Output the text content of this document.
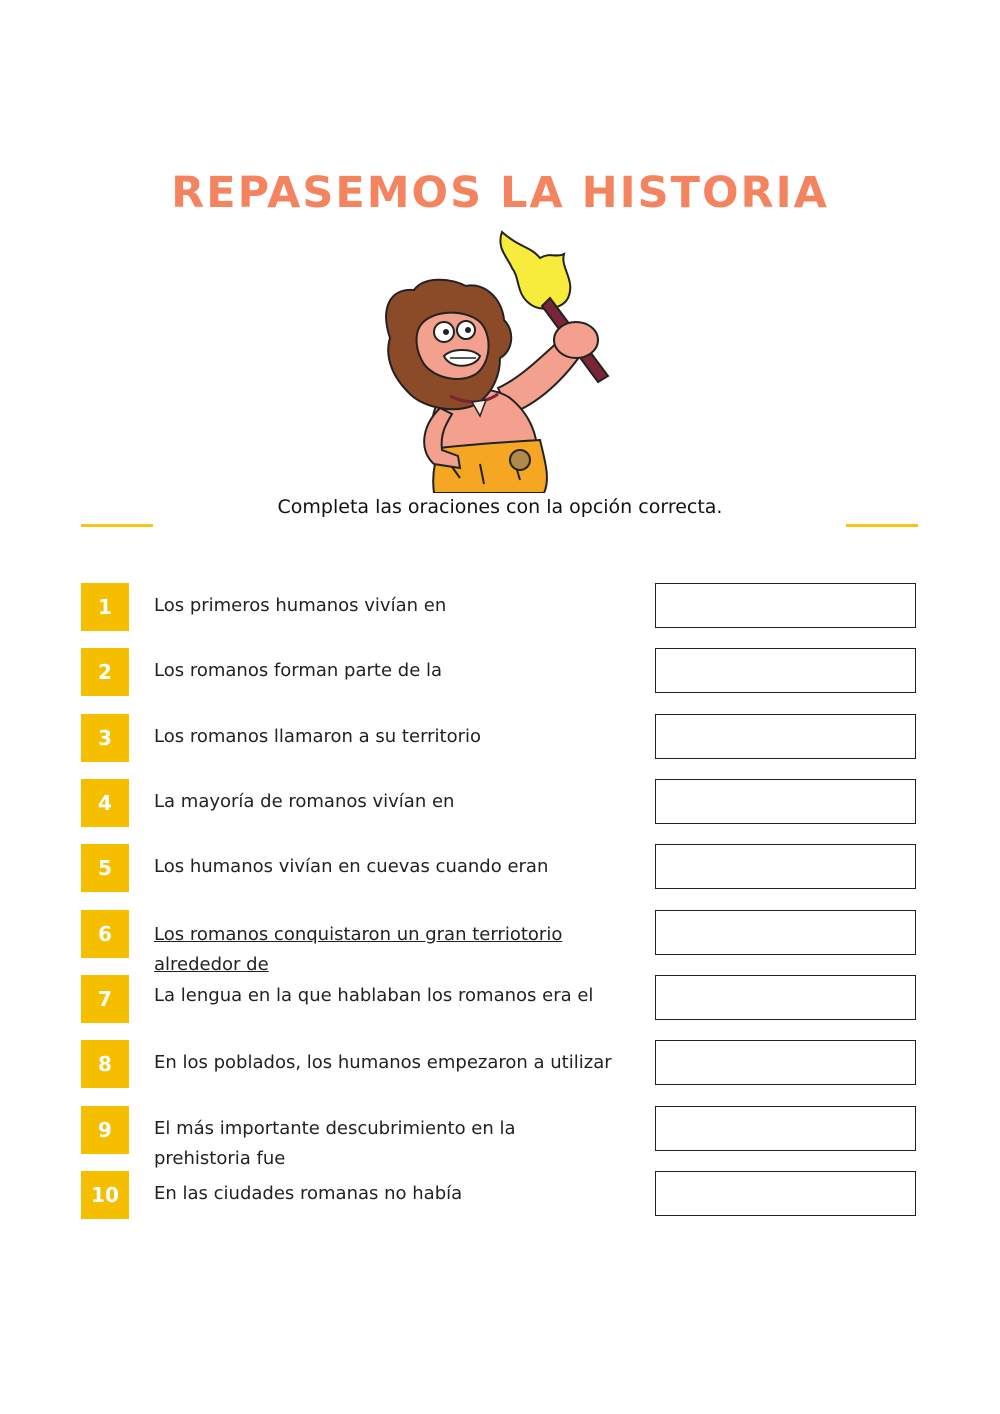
REPASEMOS LA HISTORIA
Completa las oraciones con la opción correcta.
1	Los primeros humanos vivían en
2	Los romanos forman parte de la
3	Los romanos llamaron a su territorio
4	La mayoría de romanos vivían en
5	Los humanos vivían en cuevas cuando eran
6	Los romanos conquistaron un gran terriotorio alrededor de
7	La lengua en la que hablaban los romanos era el
8	En los poblados, los humanos empezaron a utilizar
9	El más importante descubrimiento en la prehistoria fue
10	En las ciudades romanas no había
